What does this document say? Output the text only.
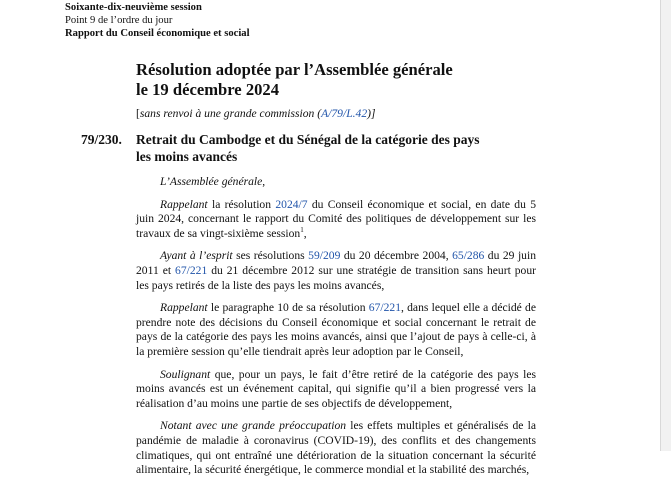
Soixante-dix-neuvième session
Point 9 de l’ordre du jour
Rapport du Conseil économique et social
Résolution adoptée par l’Assemblée générale
le 19 décembre 2024
[sans renvoi à une grande commission (A/79/L.42)]
79/230. Retrait du Cambodge et du Sénégal de la catégorie des pays
les moins avancés

L’Assemblée générale,

Rappelant la résolution 2024/7 du Conseil économique et social, en date du 5 juin 2024, concernant le rapport du Comité des politiques de développement sur les travaux de sa vingt-sixième session$^1$,

Ayant à l’esprit ses résolutions 59/209 du 20 décembre 2004, 65/286 du 29 juin 2011 et 67/221 du 21 décembre 2012 sur une stratégie de transition sans heurt pour les pays retirés de la liste des pays les moins avancés,

Rappelant le paragraphe 10 de sa résolution 67/221, dans lequel elle a décidé de prendre note des décisions du Conseil économique et social concernant le retrait de pays de la catégorie des pays les moins avancés, ainsi que l’ajout de pays à celle-ci, à la première session qu’elle tiendrait après leur adoption par le Conseil,

Soulignant que, pour un pays, le fait d’être retiré de la catégorie des pays les moins avancés est un événement capital, qui signifie qu’il a bien progressé vers la réalisation d’au moins une partie de ses objectifs de développement,

Notant avec une grande préoccupation les effets multiples et généralisés de la pandémie de maladie à coronavirus (COVID-19), des conflits et des changements climatiques, qui ont entraîné une détérioration de la situation concernant la sécurité alimentaire, la sécurité énergétique, le commerce mondial et la stabilité des marchés,
